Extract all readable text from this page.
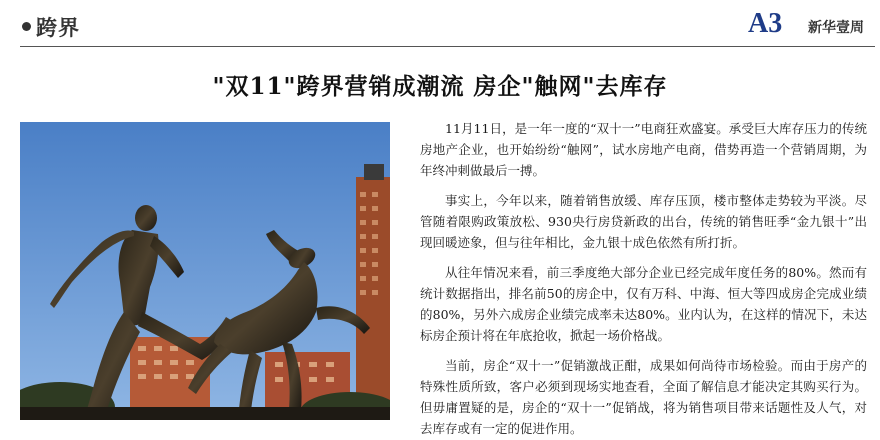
跨界	A3 新华壹周
"双11"跨界营销成潮流 房企"触网"去库存

11月11日，是一年一度的“双十一”电商狂欢盛宴。承受巨大库存压力的传统房地产企业，也开始纷纷“触网”，试水房地产电商，借势再造一个营销周期，为年终冲刺做最后一搏。

事实上，今年以来，随着销售放缓、库存压顶，楼市整体走势较为平淡。尽管随着限购政策放松、930央行房贷新政的出台，传统的销售旺季“金九银十”出现回暖迹象，但与往年相比，金九银十成色依然有所打折。

从往年情况来看，前三季度绝大部分企业已经完成年度任务的80%。然而有统计数据指出，排名前50的房企中，仅有万科、中海、恒大等四成房企完成业绩的80%，另外六成房企业绩完成率未达80%。业内认为，在这样的情况下，未达标房企预计将在年底抢收，掀起一场价格战。

当前，房企“双十一”促销激战正酣，成果如何尚待市场检验。而由于房产的特殊性质所致，客户必须到现场实地查看，全面了解信息才能决定其购买行为。但毋庸置疑的是，房企的“双十一”促销战，将为销售项目带来话题性及人气，对去库存或有一定的促进作用。
